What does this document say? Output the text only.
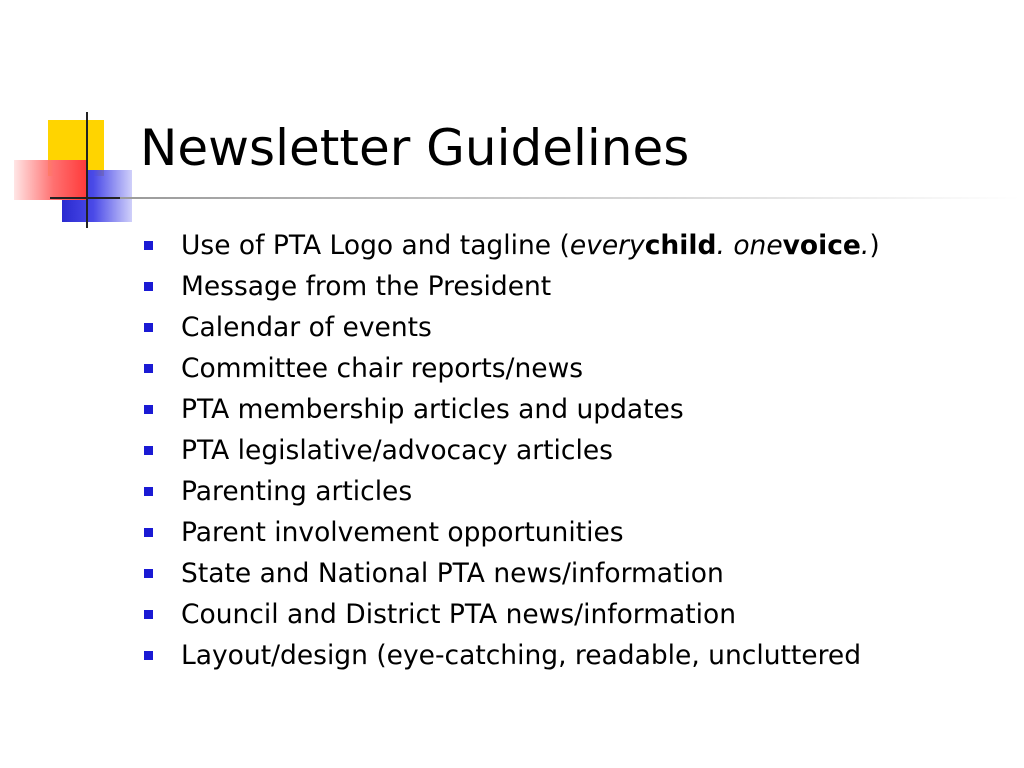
Newsletter Guidelines
Use of PTA Logo and tagline (everychild. onevoice.)
Message from the President
Calendar of events
Committee chair reports/news
PTA membership articles and updates
PTA legislative/advocacy articles
Parenting articles
Parent involvement opportunities
State and National PTA news/information
Council and District PTA news/information
Layout/design (eye-catching, readable, uncluttered
